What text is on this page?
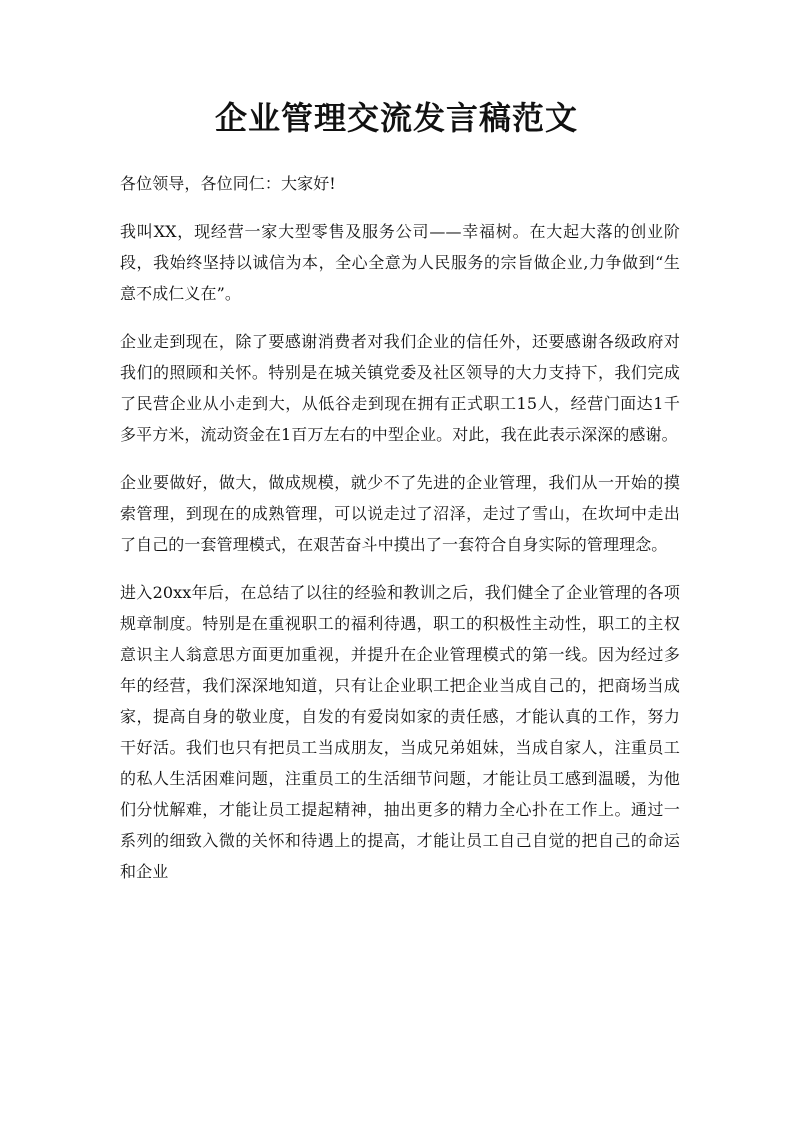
企业管理交流发言稿范文

各位领导，各位同仁：大家好!

我叫XX，现经营一家大型零售及服务公司——幸福树。在大起大落的创业阶段，我始终坚持以诚信为本，全心全意为人民服务的宗旨做企业,力争做到“生意不成仁义在”。

企业走到现在，除了要感谢消费者对我们企业的信任外，还要感谢各级政府对我们的照顾和关怀。特别是在城关镇党委及社区领导的大力支持下，我们完成了民营企业从小走到大，从低谷走到现在拥有正式职工15人，经营门面达1千多平方米，流动资金在1百万左右的中型企业。对此，我在此表示深深的感谢。

企业要做好，做大，做成规模，就少不了先进的企业管理，我们从一开始的摸索管理，到现在的成熟管理，可以说走过了沼泽，走过了雪山，在坎坷中走出了自己的一套管理模式，在艰苦奋斗中摸出了一套符合自身实际的管理理念。

进入20xx年后，在总结了以往的经验和教训之后，我们健全了企业管理的各项规章制度。特别是在重视职工的福利待遇，职工的积极性主动性，职工的主权意识主人翁意思方面更加重视，并提升在企业管理模式的第一线。因为经过多年的经营，我们深深地知道，只有让企业职工把企业当成自己的，把商场当成家，提高自身的敬业度，自发的有爱岗如家的责任感，才能认真的工作，努力干好活。我们也只有把员工当成朋友，当成兄弟姐妹，当成自家人，注重员工的私人生活困难问题，注重员工的生活细节问题，才能让员工感到温暖，为他们分忧解难，才能让员工提起精神，抽出更多的精力全心扑在工作上。通过一系列的细致入微的关怀和待遇上的提高，才能让员工自己自觉的把自己的命运和企业
